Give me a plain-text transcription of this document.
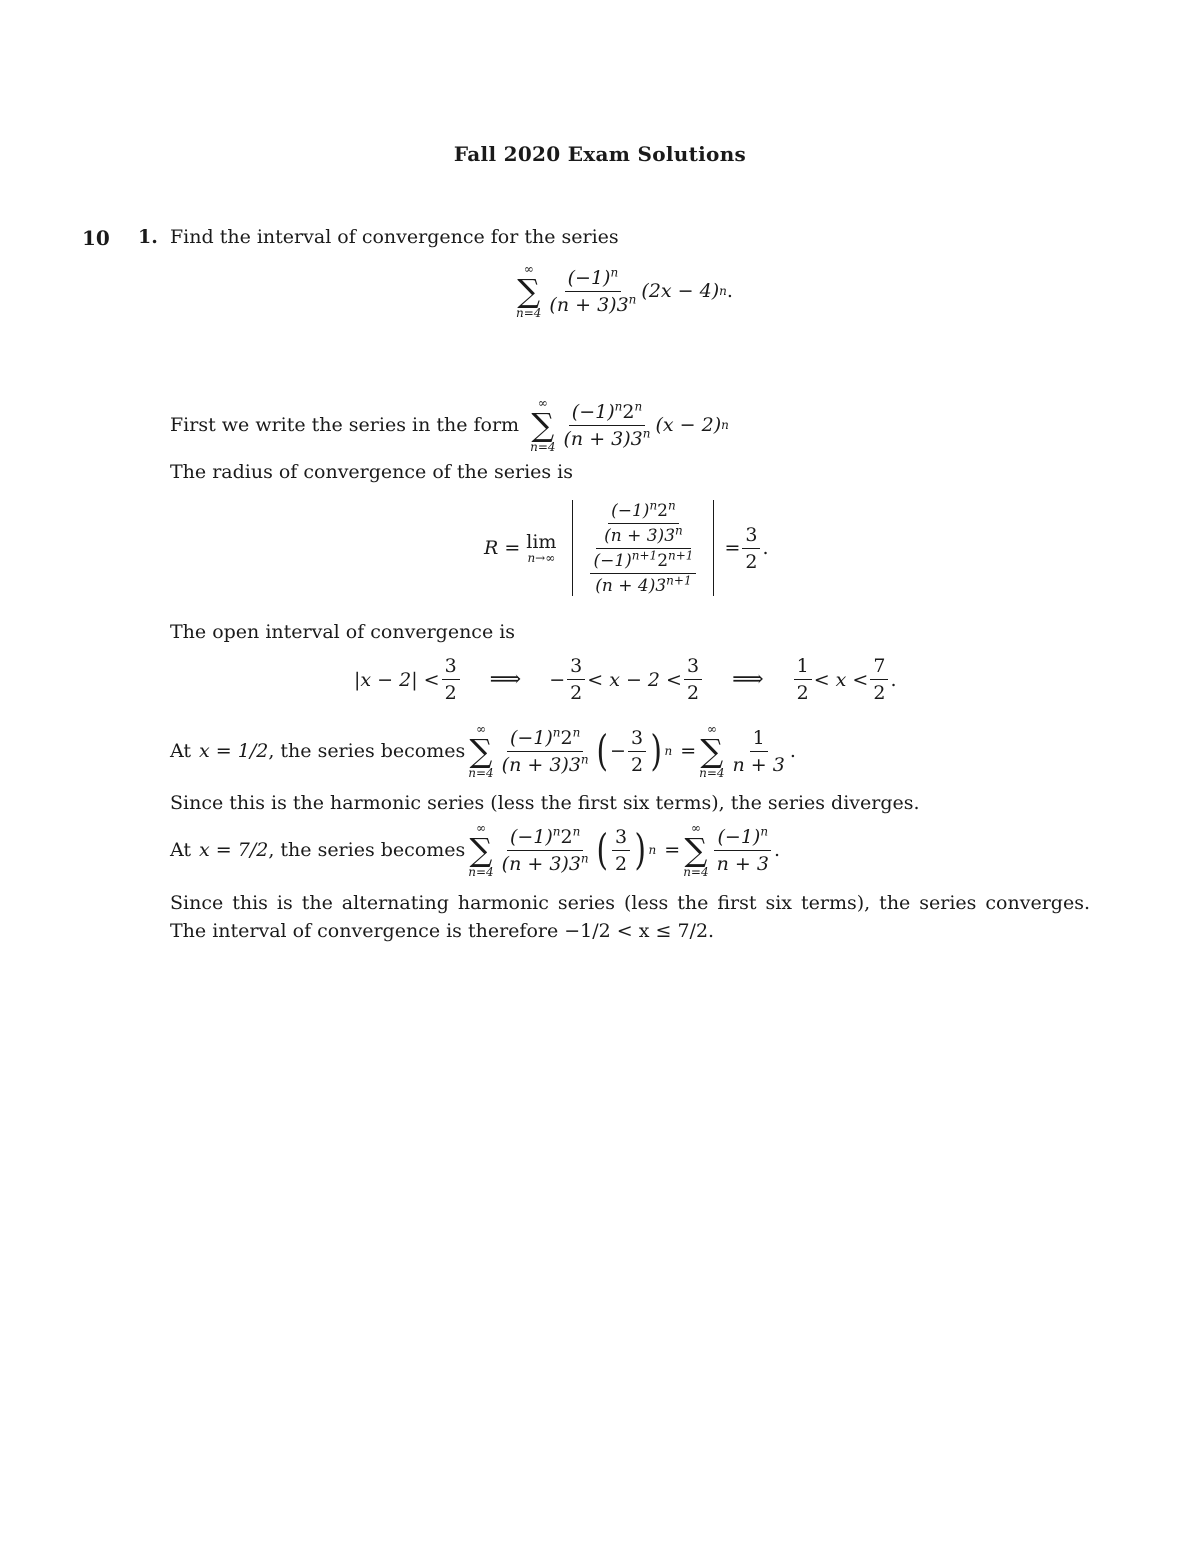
Fall 2020 Exam Solutions
10 1. Find the interval of convergence for the series
∞
∑
$n=4 \frac{(-1)^n}{(n + 3)3^n} (2x - 4)$ n .
First we write the series in the form
∞
∑
$n=4 \frac{(-1)^n2^n}{(n + 3)3^n} (x - 2)$ n
The radius of convergence of the series is
R = lim
$n\to\infty \frac{\frac{(-1)^n2^n}{(n + 3)3^n}}{\frac{(-1)^{n+1}2^{n+1}}{(n + 4)3^{n+1}}} = \frac{3}{2}$ .
The open interval of convergence is
$|x - 2| < \frac{3}{2}$ ⟹ − $\frac{3}{2} < x - 2 < \frac{3}{2}$ ⟹ $\frac{1}{2} < x < \frac{7}{2}$ .
At x = 1/2 , the series becomes
∞
∑
$n=4 \frac{(-1)^n2^n}{(n + 3)3^n}$ ( − $\frac{3}{2}$ ) n =
∞
∑
$n=4 \frac{1}{n + 3}$ .
Since this is the harmonic series (less the first six terms), the series diverges.
At x = 7/2 , the series becomes
∞
∑
$n=4 \frac{(-1)^n2^n}{(n + 3)3^n}$ ( $\frac{3}{2}$ ) n =
∞
∑
$n=4 \frac{(-1)^n}{n + 3}$ .
Since this is the alternating harmonic series (less the first six terms), the series converges. The interval of convergence is therefore −1/2 < x ≤ 7/2.
